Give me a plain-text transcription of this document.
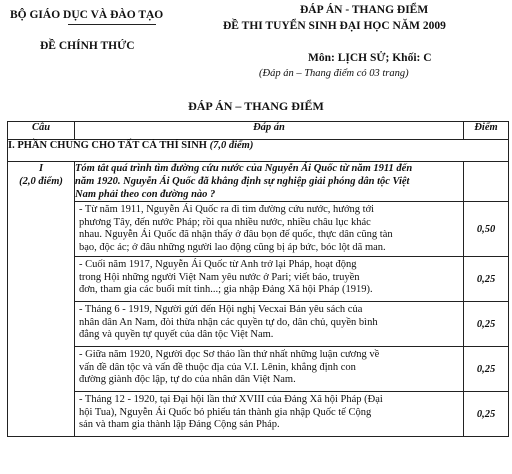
BỘ GIÁO DỤC VÀ ĐÀO TẠO
ĐỀ CHÍNH THỨC
ĐÁP ÁN - THANG ĐIỂM
ĐỀ THI TUYỂN SINH ĐẠI HỌC NĂM 2009
Môn: LỊCH SỬ; Khối: C
(Đáp án – Thang điểm có 03 trang)
ĐÁP ÁN – THANG ĐIỂM
Câu	Đáp án	Điểm
I. PHẦN CHUNG CHO TẤT CẢ THÍ SINH (7,0 điểm)		

I
(2,0 điểm)	Tóm tắt quá trình tìm đường cứu nước của Nguyễn Ái Quốc từ năm 1911 đến
năm 1920. Nguyễn Ái Quốc đã khẳng định sự nghiệp giải phóng dân tộc Việt
Nam phải theo con đường nào ?	

	- Từ năm 1911, Nguyễn Ái Quốc ra đi tìm đường cứu nước, hướng tới
phương Tây, đến nước Pháp; rồi qua nhiều nước, nhiều châu lục khác
nhau. Nguyễn Ái Quốc đã nhận thấy ở đâu bọn đế quốc, thực dân cũng tàn
bạo, độc ác; ở đâu những người lao động cũng bị áp bức, bóc lột dã man.	0,50

	- Cuối năm 1917, Nguyễn Ái Quốc từ Anh trở lại Pháp, hoạt động
trong Hội những người Việt Nam yêu nước ở Pari; viết báo, truyền
đơn, tham gia các buổi mít tinh...; gia nhập Đảng Xã hội Pháp (1919).	0,25

	- Tháng 6 - 1919, Người gửi đến Hội nghị Vecxai Bản yêu sách của
nhân dân An Nam, đòi thừa nhận các quyền tự do, dân chủ, quyền bình
đẳng và quyền tự quyết của dân tộc Việt Nam.	0,25

	- Giữa năm 1920, Người đọc Sơ thảo lần thứ nhất những luận cương về
vấn đề dân tộc và vấn đề thuộc địa của V.I. Lênin, khẳng định con
đường giành độc lập, tự do của nhân dân Việt Nam.	0,25

	- Tháng 12 - 1920, tại Đại hội lần thứ XVIII của Đảng Xã hội Pháp (Đại
hội Tua), Nguyễn Ái Quốc bỏ phiếu tán thành gia nhập Quốc tế Cộng
sản và tham gia thành lập Đảng Cộng sản Pháp.	0,25
